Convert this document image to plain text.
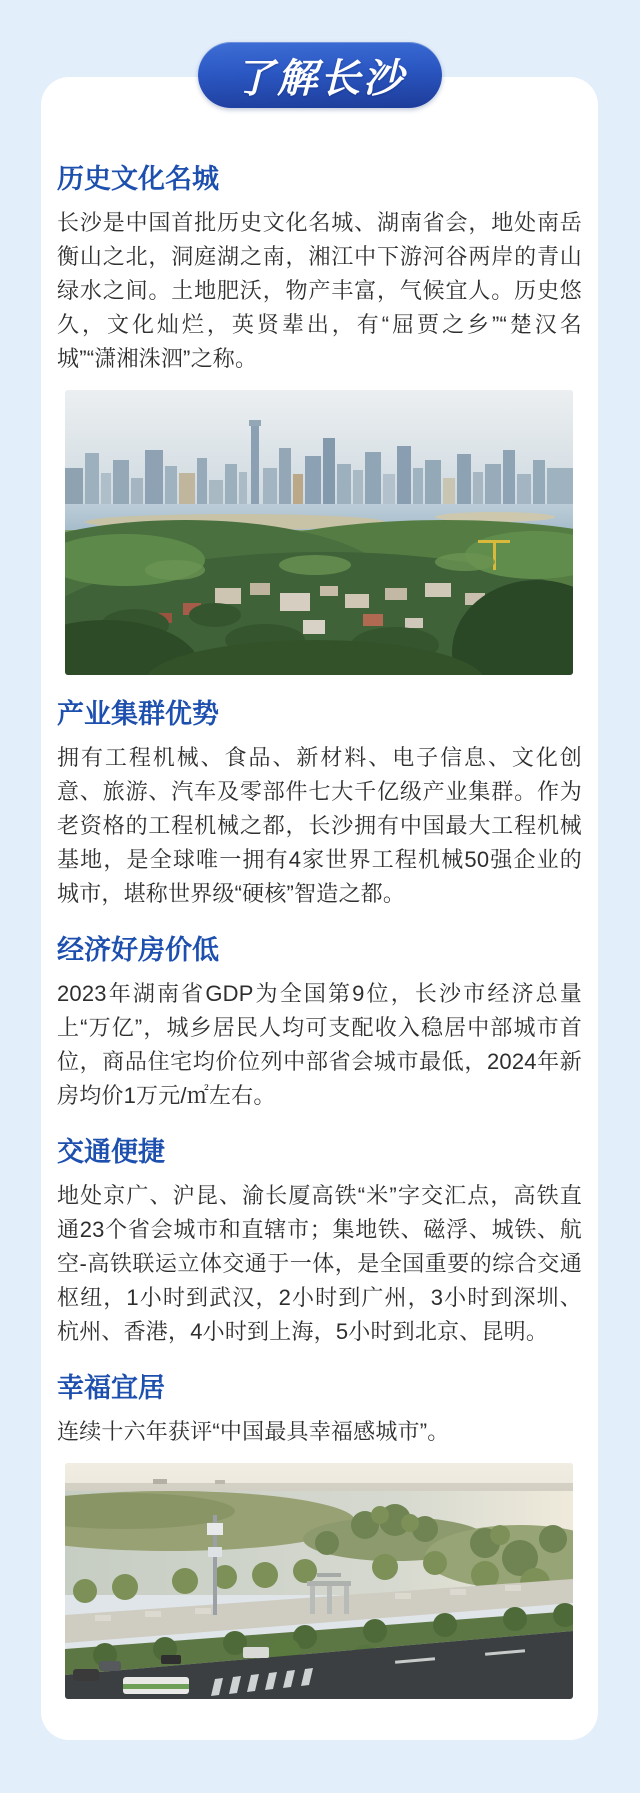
了解长沙
历史文化名城

长沙是中国首批历史文化名城、湖南省会，地处南岳衡山之北，洞庭湖之南，湘江中下游河谷两岸的青山绿水之间。土地肥沃，物产丰富，气候宜人。历史悠久，文化灿烂，英贤辈出，有“屈贾之乡”“楚汉名城”“潇湘洙泗”之称。

产业集群优势

拥有工程机械、食品、新材料、电子信息、文化创意、旅游、汽车及零部件七大千亿级产业集群。作为老资格的工程机械之都，长沙拥有中国最大工程机械基地，是全球唯一拥有4家世界工程机械50强企业的城市，堪称世界级“硬核”智造之都。

经济好房价低

2023年湖南省GDP为全国第9位，长沙市经济总量上“万亿”，城乡居民人均可支配收入稳居中部城市首位，商品住宅均价位列中部省会城市最低，2024年新房均价1万元/㎡左右。

交通便捷

地处京广、沪昆、渝长厦高铁“米”字交汇点，高铁直通23个省会城市和直辖市；集地铁、磁浮、城铁、航空-高铁联运立体交通于一体，是全国重要的综合交通枢纽，1小时到武汉，2小时到广州，3小时到深圳、杭州、香港，4小时到上海，5小时到北京、昆明。

幸福宜居

连续十六年获评“中国最具幸福感城市”。
